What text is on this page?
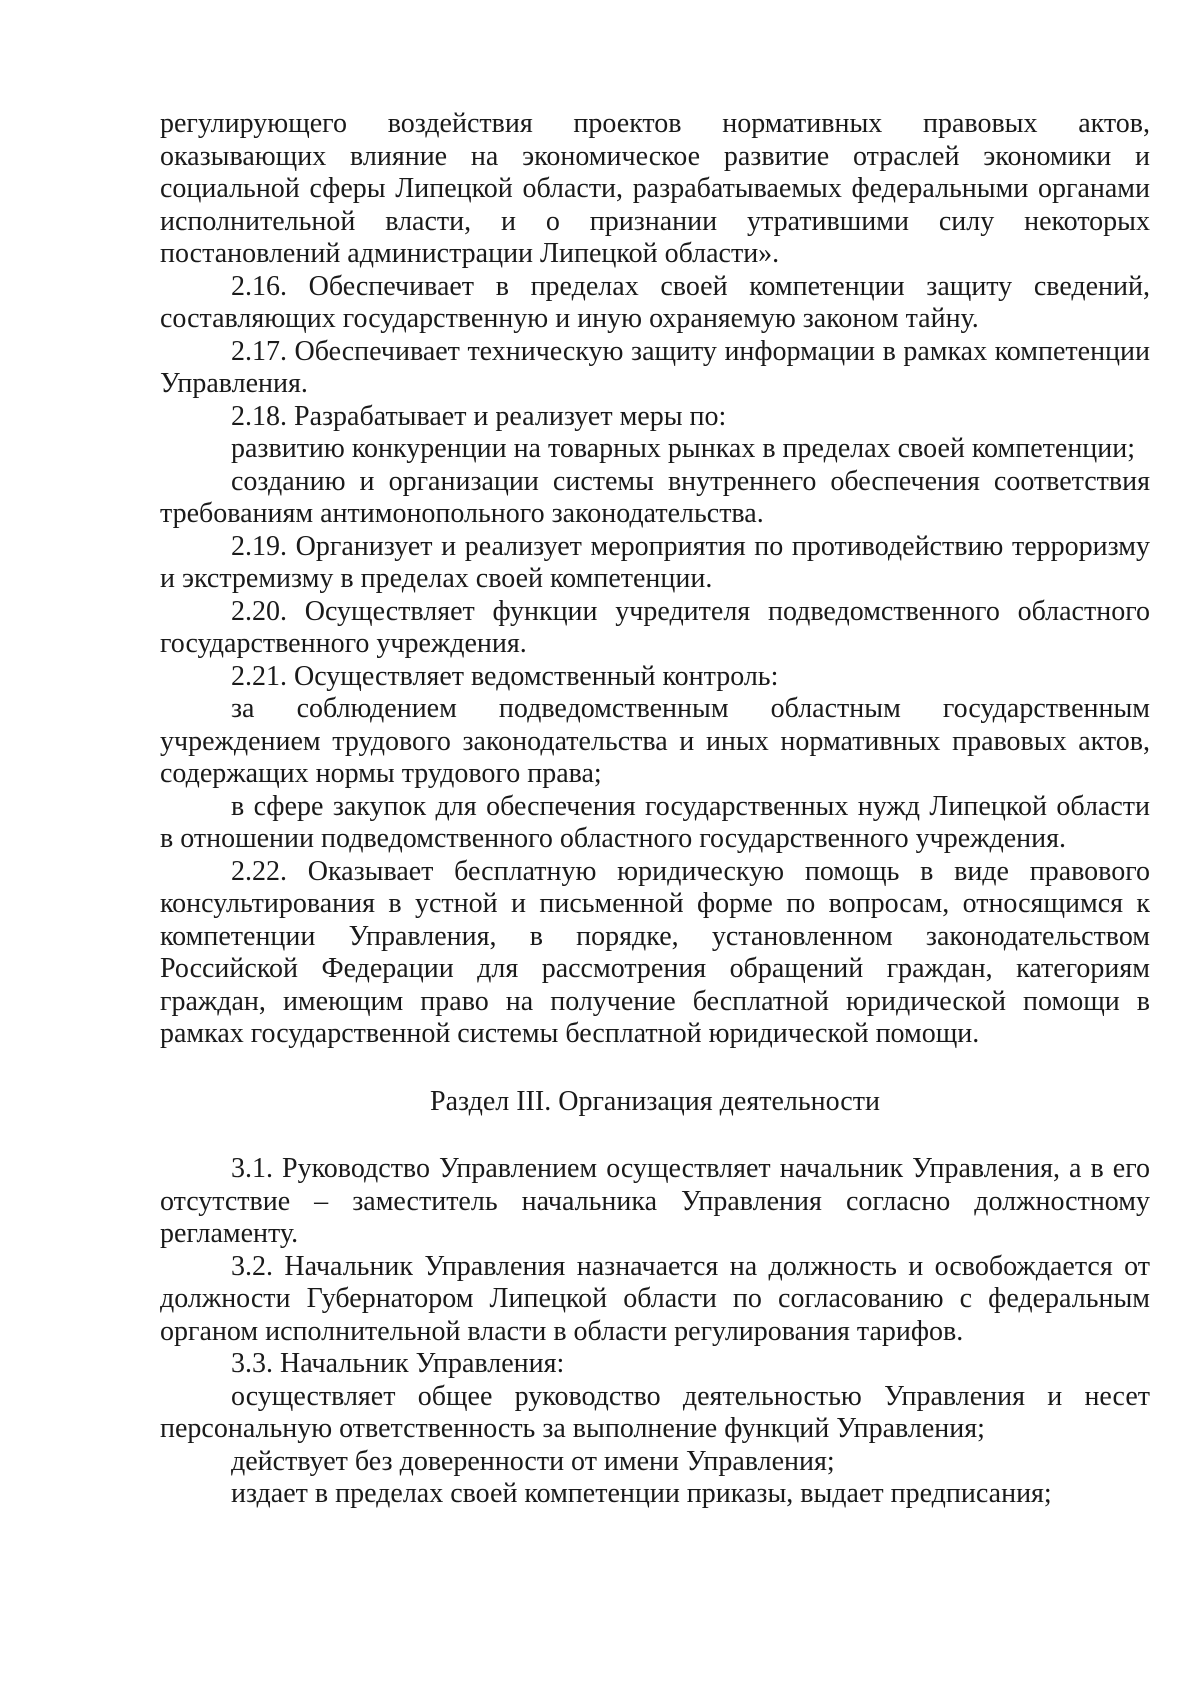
регулирующего воздействия проектов нормативных правовых актов, оказывающих влияние на экономическое развитие отраслей экономики и социальной сферы Липецкой области, разрабатываемых федеральными органами исполнительной власти, и о признании утратившими силу некоторых постановлений администрации Липецкой области».

2.16. Обеспечивает в пределах своей компетенции защиту сведений, составляющих государственную и иную охраняемую законом тайну.

2.17. Обеспечивает техническую защиту информации в рамках компетенции Управления.

2.18. Разрабатывает и реализует меры по:

развитию конкуренции на товарных рынках в пределах своей компетенции;

созданию и организации системы внутреннего обеспечения соответствия требованиям антимонопольного законодательства.

2.19. Организует и реализует мероприятия по противодействию терроризму и экстремизму в пределах своей компетенции.

2.20. Осуществляет функции учредителя подведомственного областного государственного учреждения.

2.21. Осуществляет ведомственный контроль:

за соблюдением подведомственным областным государственным учреждением трудового законодательства и иных нормативных правовых актов, содержащих нормы трудового права;

в сфере закупок для обеспечения государственных нужд Липецкой области в отношении подведомственного областного государственного учреждения.

2.22. Оказывает бесплатную юридическую помощь в виде правового консультирования в устной и письменной форме по вопросам, относящимся к компетенции Управления, в порядке, установленном законодательством Российской Федерации для рассмотрения обращений граждан, категориям граждан, имеющим право на получение бесплатной юридической помощи в рамках государственной системы бесплатной юридической помощи.

Раздел III. Организация деятельности

3.1. Руководство Управлением осуществляет начальник Управления, а в его отсутствие – заместитель начальника Управления согласно должностному регламенту.

3.2. Начальник Управления назначается на должность и освобождается от должности Губернатором Липецкой области по согласованию с федеральным органом исполнительной власти в области регулирования тарифов.

3.3. Начальник Управления:

осуществляет общее руководство деятельностью Управления и несет персональную ответственность за выполнение функций Управления;

действует без доверенности от имени Управления;

издает в пределах своей компетенции приказы, выдает предписания;
